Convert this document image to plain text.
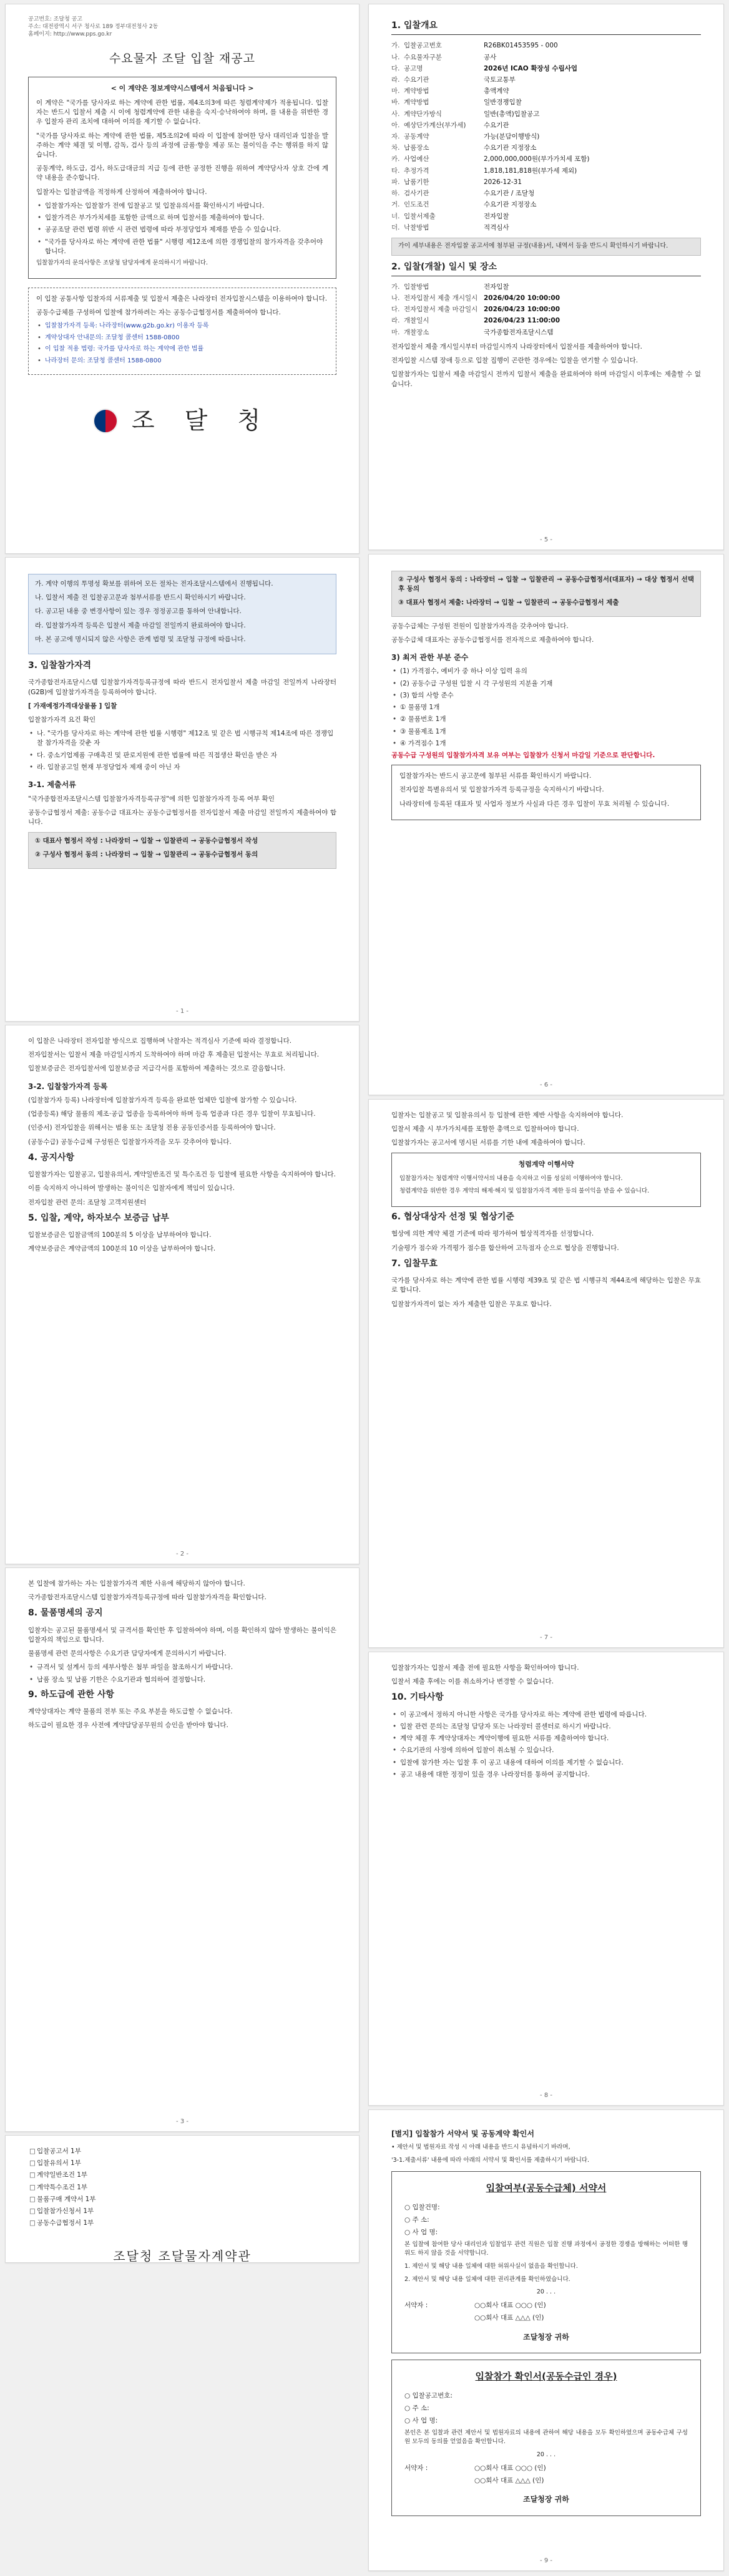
공고번호: 조달청 공고
주소: 대전광역시 서구 청사로 189 정부대전청사 2동
홈페이지: http://www.pps.go.kr
수요물자 조달 입찰 재공고
< 이 계약은 정보계약시스템에서 처음됩니다 >

이 계약은 "국가를 당사자로 하는 계약에 관한 법률, 제4조의3에 따른 청렴계약제가 적용됩니다. 입찰자는 반드시 입찰서 제출 시 이에 청렴계약에 관한 내용을 숙지·승낙하여야 하며, 를 내용을 위반한 경우 입찰자 관리 조치에 대하여 이의를 제기할 수 없습니다.

"국가를 당사자로 하는 계약에 관한 법률, 제5조의2에 따라 이 입찰에 참여한 당사 대리인과 입찰을 발주하는 계약 체결 및 이행, 감독, 검사 등의 과정에 금품·향응 제공 또는 불이익을 주는 행위를 하지 않습니다.

공동계약, 하도급, 검사, 하도급대금의 지급 등에 관한 공정한 진행을 위하여 계약당사자 상호 간에 계약 내용을 준수합니다.

입찰자는 입찰금액을 적정하게 산정하여 제출하여야 합니다.

• 입찰참가자는 입찰참가 전에 입찰공고 및 입찰유의서를 확인하시기 바랍니다.
• 입찰가격은 부가가치세를 포함한 금액으로 하며 입찰서를 제출하여야 합니다.
• 공공조달 관련 법령 위반 시 관련 법령에 따라 부정당업자 제재를 받을 수 있습니다.
• "국가를 당사자로 하는 계약에 관한 법률" 시행령 제12조에 의한 경쟁입찰의 참가자격을 갖추어야 합니다.

입찰참가자의 문의사항은 조달청 담당자에게 문의하시기 바랍니다.

이 입찰 공통사항 입찰자의 서류제출 및 입찰서 제출은 나라장터 전자입찰시스템을 이용하여야 합니다.

공동수급체를 구성하여 입찰에 참가하려는 자는 공동수급협정서를 제출하여야 합니다.

• 입찰참가자격 등록: 나라장터(www.g2b.go.kr) 이용자 등록
• 계약상대자 안내문의: 조달청 콜센터 1588-0800
• 이 입찰 적용 법령: 국가를 당사자로 하는 계약에 관한 법률
• 나라장터 문의: 조달청 콜센터 1588-0800
조 달 청

가. 계약 이행의 투명성 확보를 위하여 모든 절차는 전자조달시스템에서 진행됩니다.

나. 입찰서 제출 전 입찰공고문과 첨부서류를 반드시 확인하시기 바랍니다.

다. 공고된 내용 중 변경사항이 있는 경우 정정공고를 통하여 안내합니다.

라. 입찰참가자격 등록은 입찰서 제출 마감일 전일까지 완료하여야 합니다.

마. 본 공고에 명시되지 않은 사항은 관계 법령 및 조달청 규정에 따릅니다.

3. 입찰참가자격

국가종합전자조달시스템 입찰참가자격등록규정에 따라 반드시 전자입찰서 제출 마감일 전일까지 나라장터(G2B)에 입찰참가자격을 등록하여야 합니다.

[ 가재예정가격대상물품 ] 입찰

입찰참가자격 요건 확인

• 나. "국가를 당사자로 하는 계약에 관한 법률 시행령" 제12조 및 같은 법 시행규칙 제14조에 따른 경쟁입찰 참가자격을 갖춘 자
• 다. 중소기업제품 구매촉진 및 판로지원에 관한 법률에 따른 직접생산 확인을 받은 자
• 라. 입찰공고일 현재 부정당업자 제재 중이 아닌 자
3-1. 제출서류

"국가종합전자조달시스템 입찰참가자격등록규정"에 의한 입찰참가자격 등록 여부 확인

공동수급협정서 제출: 공동수급 대표자는 공동수급협정서를 전자입찰서 제출 마감일 전일까지 제출하여야 합니다.

① 대표사 협정서 작성 : 나라장터 → 입찰 → 입찰관리 → 공동수급협정서 작성

② 구성사 협정서 동의 : 나라장터 → 입찰 → 입찰관리 → 공동수급협정서 동의

- 1 -

이 입찰은 나라장터 전자입찰 방식으로 집행하며 낙찰자는 적격심사 기준에 따라 결정합니다.

전자입찰서는 입찰서 제출 마감일시까지 도착하여야 하며 마감 후 제출된 입찰서는 무효로 처리됩니다.

입찰보증금은 전자입찰서에 입찰보증금 지급각서를 포함하여 제출하는 것으로 갈음합니다.

3-2. 입찰참가자격 등록

(입찰참가자 등록) 나라장터에 입찰참가자격 등록을 완료한 업체만 입찰에 참가할 수 있습니다.

(업종등록) 해당 물품의 제조·공급 업종을 등록하여야 하며 등록 업종과 다른 경우 입찰이 무효됩니다.

(인증서) 전자입찰을 위해서는 범용 또는 조달청 전용 공동인증서를 등록하여야 합니다.

(공동수급) 공동수급체 구성원은 입찰참가자격을 모두 갖추어야 합니다.

4. 공지사항

입찰참가자는 입찰공고, 입찰유의서, 계약일반조건 및 특수조건 등 입찰에 필요한 사항을 숙지하여야 합니다.

이를 숙지하지 아니하여 발생하는 불이익은 입찰자에게 책임이 있습니다.

전자입찰 관련 문의: 조달청 고객지원센터

5. 입찰, 계약, 하자보수 보증금 납부

입찰보증금은 입찰금액의 100분의 5 이상을 납부하여야 합니다.

계약보증금은 계약금액의 100분의 10 이상을 납부하여야 합니다.

- 2 -

본 입찰에 참가하는 자는 입찰참가자격 제한 사유에 해당하지 않아야 합니다.

국가종합전자조달시스템 입찰참가자격등록규정에 따라 입찰참가자격을 확인합니다.

8. 물품명세의 공지

입찰자는 공고된 물품명세서 및 규격서를 확인한 후 입찰하여야 하며, 이를 확인하지 않아 발생하는 불이익은 입찰자의 책임으로 합니다.

물품명세 관련 문의사항은 수요기관 담당자에게 문의하시기 바랍니다.

• 규격서 및 설계서 등의 세부사항은 첨부 파일을 참조하시기 바랍니다.
• 납품 장소 및 납품 기한은 수요기관과 협의하여 결정합니다.
9. 하도급에 관한 사항

계약상대자는 계약 물품의 전부 또는 주요 부분을 하도급할 수 없습니다.

하도급이 필요한 경우 사전에 계약담당공무원의 승인을 받아야 합니다.

- 3 -
□ 입찰공고서 1부
□ 입찰유의서 1부
□ 계약일반조건 1부
□ 계약특수조건 1부
□ 물품구매 계약서 1부
□ 입찰참가신청서 1부
□ 공동수급협정서 1부
조달청 조달물자계약관
1. 입찰개요
가. 입찰공고번호	R26BK01453595 - 000
나. 수요물자구분	공사
다. 공고명	2026년 ICAO 확장성 수립사업
라. 수요기관	국토교통부
마. 계약방법	총액계약
바. 계약방법	일반경쟁입찰
사. 계약단가방식	일반(총액)입찰공고
아. 예상단가계산(부가세)	수요기관
자. 공동계약	가능(분담이행방식)
차. 납품장소	수요기관 지정장소
카. 사업예산	2,000,000,000원(부가가치세 포함)
타. 추정가격	1,818,181,818원(부가세 제외)
파. 납품기한	2026-12-31
하. 검사기관	수요기관 / 조달청
거. 인도조건	수요기관 지정장소
너. 입찰서제출	전자입찰
더. 낙찰방법	적격심사
가이 세부내용은 전자입찰 공고서에 첨부된 규정(내용)서, 내역서 등을 반드시 확인하시기 바랍니다.
2. 입찰(개찰) 일시 및 장소
가. 입찰방법	전자입찰
나. 전자입찰서 제출 개시일시 2026/04/20 10:00:00
다. 전자입찰서 제출 마감일시 2026/04/23 10:00:00
라. 개찰일시	2026/04/23 11:00:00
마. 개찰장소	국가종합전자조달시스템

전자입찰서 제출 개시일시부터 마감일시까지 나라장터에서 입찰서를 제출하여야 합니다.

전자입찰 시스템 장애 등으로 입찰 집행이 곤란한 경우에는 입찰을 연기할 수 있습니다.

입찰참가자는 입찰서 제출 마감일시 전까지 입찰서 제출을 완료하여야 하며 마감일시 이후에는 제출할 수 없습니다.

- 5 -

② 구성사 협정서 동의 : 나라장터 → 입찰 → 입찰관리 → 공동수급협정서(대표자) → 대상 협정서 선택 후 동의

③ 대표사 협정서 제출: 나라장터 → 입찰 → 입찰관리 → 공동수급협정서 제출

공동수급체는 구성원 전원이 입찰참가자격을 갖추어야 합니다.

공동수급체 대표자는 공동수급협정서를 전자적으로 제출하여야 합니다.

3) 최저 관한 부분 준수
• (1) 가격점수, 예비가 중 하나 이상 입력 유의
• (2) 공동수급 구성원 입찰 시 각 구성원의 지분율 기재
• (3) 합의 사항 준수
• ① 물품명 1개
• ② 물품번호 1개
• ③ 물품제조 1개
• ④ 가격점수 1개

공동수급 구성원의 입찰참가자격 보유 여부는 입찰참가 신청서 마감일 기준으로 판단합니다.

입찰참가자는 반드시 공고문에 첨부된 서류를 확인하시기 바랍니다.

전자입찰 특별유의서 및 입찰참가자격 등록규정을 숙지하시기 바랍니다.

나라장터에 등록된 대표자 및 사업자 정보가 사실과 다른 경우 입찰이 무효 처리될 수 있습니다.

- 6 -

입찰자는 입찰공고 및 입찰유의서 등 입찰에 관한 제반 사항을 숙지하여야 합니다.

입찰서 제출 시 부가가치세를 포함한 총액으로 입찰하여야 합니다.

입찰참가자는 공고서에 명시된 서류를 기한 내에 제출하여야 합니다.

청렴계약 이행서약

입찰참가자는 청렴계약 이행서약서의 내용을 숙지하고 이를 성실히 이행하여야 합니다.

청렴계약을 위반한 경우 계약의 해제·해지 및 입찰참가자격 제한 등의 불이익을 받을 수 있습니다.

6. 협상대상자 선정 및 협상기준

협상에 의한 계약 체결 기준에 따라 평가하여 협상적격자를 선정합니다.

기술평가 점수와 가격평가 점수를 합산하여 고득점자 순으로 협상을 진행합니다.

7. 입찰무효

국가를 당사자로 하는 계약에 관한 법률 시행령 제39조 및 같은 법 시행규칙 제44조에 해당하는 입찰은 무효로 합니다.

입찰참가자격이 없는 자가 제출한 입찰은 무효로 합니다.

- 7 -

입찰참가자는 입찰서 제출 전에 필요한 사항을 확인하여야 합니다.

입찰서 제출 후에는 이를 취소하거나 변경할 수 없습니다.

10. 기타사항
• 이 공고에서 정하지 아니한 사항은 국가를 당사자로 하는 계약에 관한 법령에 따릅니다.
• 입찰 관련 문의는 조달청 담당자 또는 나라장터 콜센터로 하시기 바랍니다.
• 계약 체결 후 계약상대자는 계약이행에 필요한 서류를 제출하여야 합니다.
• 수요기관의 사정에 의하여 입찰이 취소될 수 있습니다.
• 입찰에 참가한 자는 입찰 후 이 공고 내용에 대하여 이의를 제기할 수 없습니다.
• 공고 내용에 대한 정정이 있을 경우 나라장터를 통하여 공지합니다.
- 8 -
[별지] 입찰참가 서약서 및 공동계약 확인서

• 제안서 및 법원자료 작성 시 아래 내용을 반드시 유념하시기 바라며,

'3-1.제출서류' 내용에 따라 아래의 서약서 및 확인서를 제출하시기 바랍니다.

입찰여부(공동수급체) 서약서
○ 입찰건명:
○ 주 소:
○ 사 업 명:

본 입찰에 참여한 당사 대리인과 입찰업무 관련 직원은 입찰 진행 과정에서 공정한 경쟁을 방해하는 어떠한 행위도 하지 않을 것을 서약합니다.

1. 제안서 및 해당 내용 일체에 대한 허위사실이 없음을 확인합니다.

2. 제안서 및 해당 내용 일체에 대한 권리관계를 확인하였습니다.

20 . . .

서약자 :	○○회사 대표 ○○○ (인)
○○회사 대표 △△△ (인)
조달청장 귀하
입찰참가 확인서(공동수급인 경우)
○ 입찰공고번호:
○ 주 소:
○ 사 업 명:

본인은 본 입찰과 관련 제안서 및 법원자료의 내용에 관하여 해당 내용을 모두 확인하였으며 공동수급체 구성원 모두의 동의를 얻었음을 확인합니다.

20 . . .

서약자 :	○○회사 대표 ○○○ (인)
○○회사 대표 △△△ (인)
조달청장 귀하
- 9 -
